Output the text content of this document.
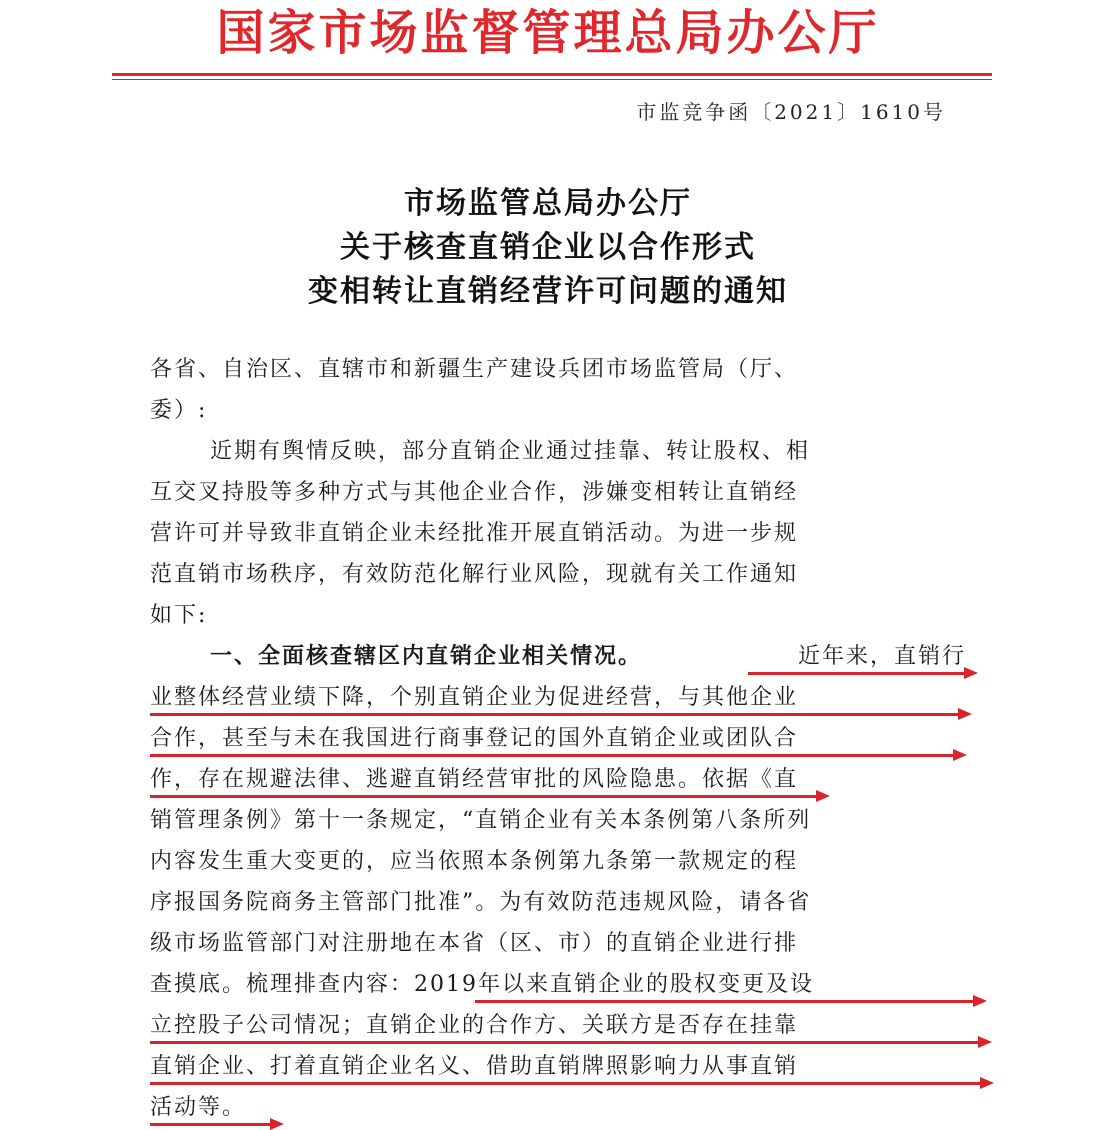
国家市场监督管理总局办公厅
市监竞争函〔2021〕1610号
市场监管总局办公厅
关于核查直销企业以合作形式
变相转让直销经营许可问题的通知
各省、自治区、直辖市和新疆生产建设兵团市场监管局（厅、
委）:
近期有舆情反映，部分直销企业通过挂靠、转让股权、相
互交叉持股等多种方式与其他企业合作，涉嫌变相转让直销经
营许可并导致非直销企业未经批准开展直销活动。为进一步规
范直销市场秩序，有效防范化解行业风险，现就有关工作通知
如下:
一、全面核查辖区内直销企业相关情况。	近年来，直销行
业整体经营业绩下降，个别直销企业为促进经营，与其他企业
合作，甚至与未在我国进行商事登记的国外直销企业或团队合
作，存在规避法律、逃避直销经营审批的风险隐患。依据《直
销管理条例》第十一条规定，“直销企业有关本条例第八条所列
内容发生重大变更的，应当依照本条例第九条第一款规定的程
序报国务院商务主管部门批准”。为有效防范违规风险，请各省
级市场监管部门对注册地在本省（区、市）的直销企业进行排
查摸底。梳理排查内容：2019年以来直销企业的股权变更及设
立控股子公司情况；直销企业的合作方、关联方是否存在挂靠
直销企业、打着直销企业名义、借助直销牌照影响力从事直销
活动等。
